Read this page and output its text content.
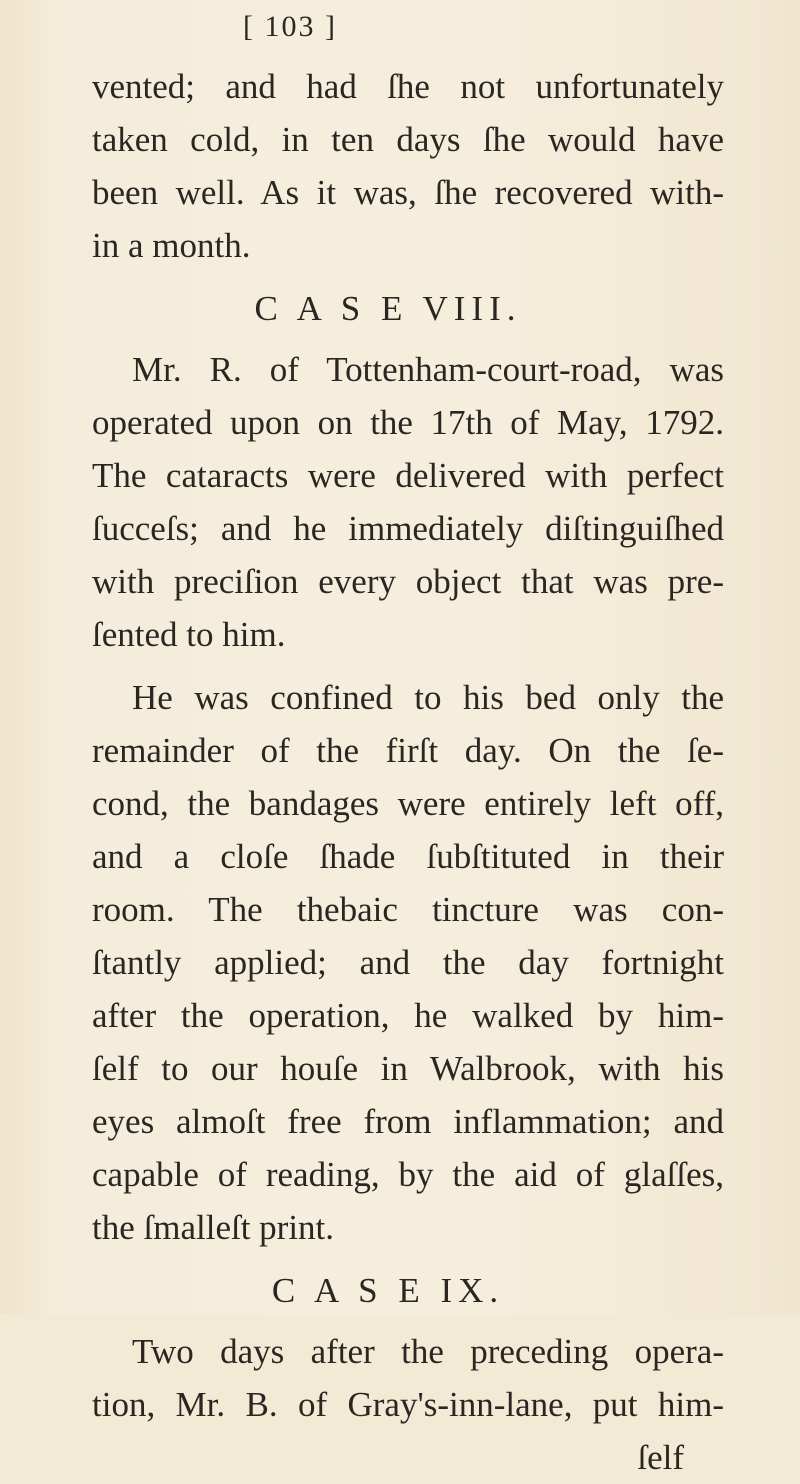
[ 103 ]
vented; and had ſhe not unfortunately
taken cold, in ten days ſhe would have
been well. As it was, ſhe recovered with-
in a month.
C A S E VIII.
Mr. R. of Tottenham-court-road, was
operated upon on the 17th of May, 1792.
The cataracts were delivered with perfect
ſucceſs; and he immediately diſtinguiſhed
with preciſion every object that was pre-
ſented to him.
He was confined to his bed only the
remainder of the firſt day. On the ſe-
cond, the bandages were entirely left off,
and a cloſe ſhade ſubſtituted in their
room. The thebaic tincture was con-
ſtantly applied; and the day fortnight
after the operation, he walked by him-
ſelf to our houſe in Walbrook, with his
eyes almoſt free from inflammation; and
capable of reading, by the aid of glaſſes,
the ſmalleſt print.
C A S E IX.
Two days after the preceding opera-
tion, Mr. B. of Gray's-inn-lane, put him-
ſelf
